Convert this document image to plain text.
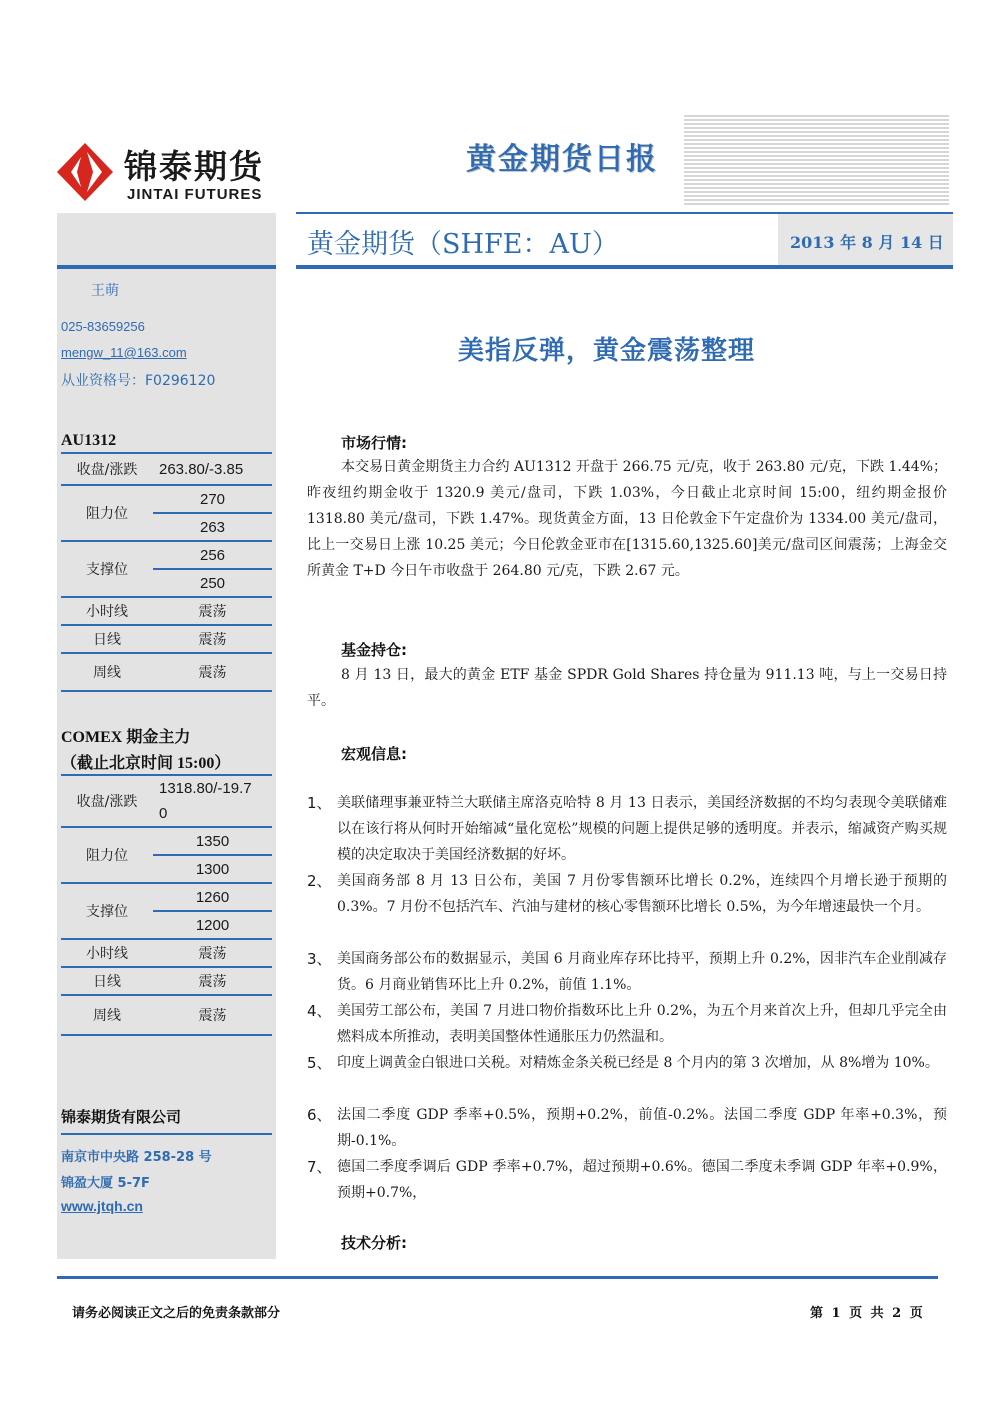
锦泰期货
JINTAI FUTURES
黄金期货日报
黄金期货（SHFE：AU）	2013 年 8 月 14 日
王萌
025-83659256
mengw_11@163.com
从业资格号：F0296120
AU1312
收盘/涨跌	263.80/-3.85
阻力位	270
	263
支撑位	256
	250
小时线	震荡
日线	震荡
周线	震荡
COMEX 期金主力
（截止北京时间 15:00）
收盘/涨跌	1318.80/-19.7
0
阻力位	1350
	1300
支撑位	1260
	1200
小时线	震荡
日线	震荡
周线	震荡
锦泰期货有限公司
南京市中央路 258-28 号
锦盈大厦 5-7F
www.jtqh.cn
美指反弹，黄金震荡整理
市场行情:

本交易日黄金期货主力合约 AU1312 开盘于 266.75 元/克，收于 263.80 元/克，下跌 1.44%；昨夜纽约期金收于 1320.9 美元/盘司，下跌 1.03%，今日截止北京时间 15:00，纽约期金报价 1318.80 美元/盘司，下跌 1.47%。现货黄金方面，13 日伦敦金下午定盘价为 1334.00 美元/盘司，比上一交易日上涨 10.25 美元；今日伦敦金亚市在[1315.60,1325.60]美元/盘司区间震荡；上海金交所黄金 T+D 今日午市收盘于 264.80 元/克，下跌 2.67 元。

基金持仓:

8 月 13 日，最大的黄金 ETF 基金 SPDR Gold Shares 持仓量为 911.13 吨，与上一交易日持平。

宏观信息:
1、 美联储理事兼亚特兰大联储主席洛克哈特 8 月 13 日表示，美国经济数据的不均匀表现令美联储难以在该行将从何时开始缩减“量化宽松”规模的问题上提供足够的透明度。并表示，缩减资产购买规模的决定取决于美国经济数据的好坏。
2、 美国商务部 8 月 13 日公布，美国 7 月份零售额环比增长 0.2%，连续四个月增长逊于预期的 0.3%。7 月份不包括汽车、汽油与建材的核心零售额环比增长 0.5%，为今年增速最快一个月。
3、 美国商务部公布的数据显示，美国 6 月商业库存环比持平，预期上升 0.2%，因非汽车企业削减存货。6 月商业销售环比上升 0.2%，前值 1.1%。
4、 美国劳工部公布，美国 7 月进口物价指数环比上升 0.2%，为五个月来首次上升，但却几乎完全由燃料成本所推动，表明美国整体性通胀压力仍然温和。
5、 印度上调黄金白银进口关税。对精炼金条关税已经是 8 个月内的第 3 次增加，从 8%增为 10%。
6、 法国二季度 GDP 季率+0.5%，预期+0.2%，前值-0.2%。法国二季度 GDP 年率+0.3%，预期-0.1%。
7、 德国二季度季调后 GDP 季率+0.7%，超过预期+0.6%。德国二季度未季调 GDP 年率+0.9%，预期+0.7%，
技术分析:
请务必阅读正文之后的免责条款部分	第 1 页 共 2 页
